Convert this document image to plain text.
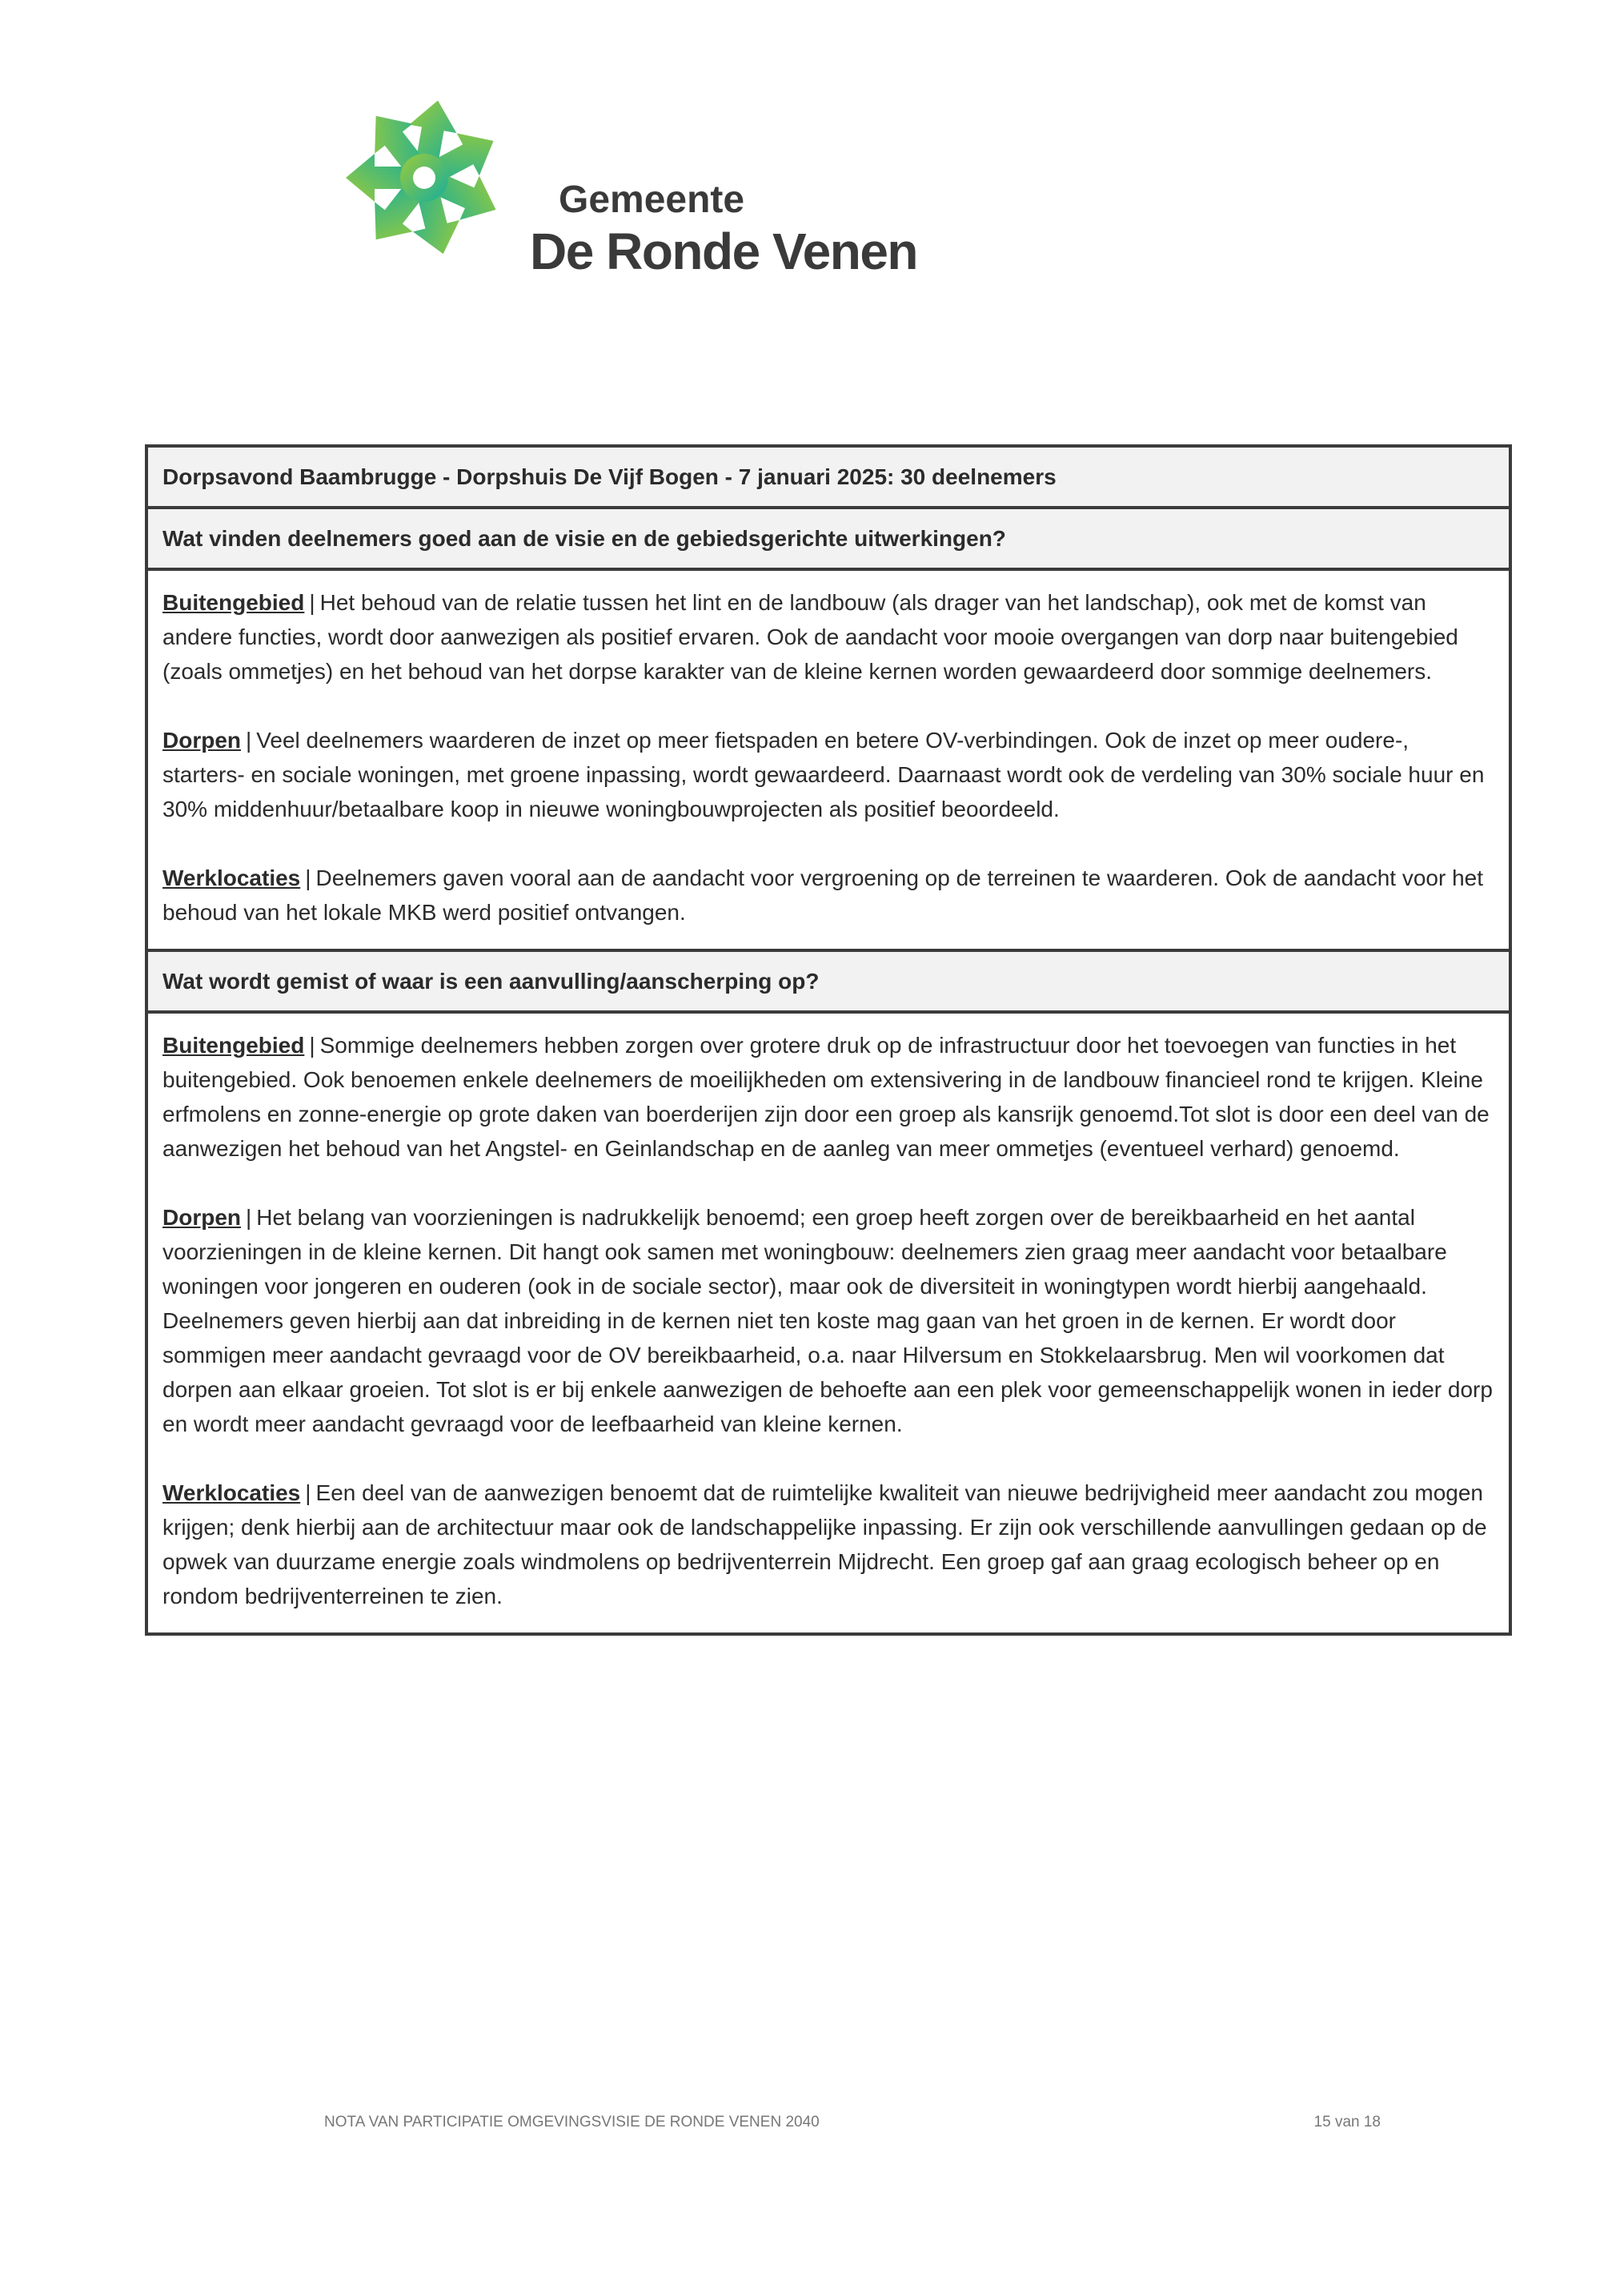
Gemeente
De Ronde Venen
Dorpsavond Baambrugge - Dorpshuis De Vijf Bogen - 7 januari 2025: 30 deelnemers
Wat vinden deelnemers goed aan de visie en de gebiedsgerichte uitwerkingen?

Buitengebied | Het behoud van de relatie tussen het lint en de landbouw (als drager van het landschap), ook met de komst van andere functies, wordt door aanwezigen als positief ervaren. Ook de aandacht voor mooie overgangen van dorp naar buitengebied (zoals ommetjes) en het behoud van het dorpse karakter van de kleine kernen worden gewaardeerd door sommige deelnemers.

Dorpen | Veel deelnemers waarderen de inzet op meer fietspaden en betere OV-verbindingen. Ook de inzet op meer oudere-, starters- en sociale woningen, met groene inpassing, wordt gewaardeerd. Daarnaast wordt ook de verdeling van 30% sociale huur en 30% middenhuur/betaalbare koop in nieuwe woningbouwprojecten als positief beoordeeld.

Werklocaties | Deelnemers gaven vooral aan de aandacht voor vergroening op de terreinen te waarderen. Ook de aandacht voor het behoud van het lokale MKB werd positief ontvangen.

Wat wordt gemist of waar is een aanvulling/aanscherping op?

Buitengebied | Sommige deelnemers hebben zorgen over grotere druk op de infrastructuur door het toevoegen van functies in het buitengebied. Ook benoemen enkele deelnemers de moeilijkheden om extensivering in de landbouw financieel rond te krijgen. Kleine erfmolens en zonne-energie op grote daken van boerderijen zijn door een groep als kansrijk genoemd.Tot slot is door een deel van de aanwezigen het behoud van het Angstel- en Geinlandschap en de aanleg van meer ommetjes (eventueel verhard) genoemd.

Dorpen | Het belang van voorzieningen is nadrukkelijk benoemd; een groep heeft zorgen over de bereikbaarheid en het aantal voorzieningen in de kleine kernen. Dit hangt ook samen met woningbouw: deelnemers zien graag meer aandacht voor betaalbare woningen voor jongeren en ouderen (ook in de sociale sector), maar ook de diversiteit in woningtypen wordt hierbij aangehaald. Deelnemers geven hierbij aan dat inbreiding in de kernen niet ten koste mag gaan van het groen in de kernen. Er wordt door sommigen meer aandacht gevraagd voor de OV bereikbaarheid, o.a. naar Hilversum en Stokkelaarsbrug. Men wil voorkomen dat dorpen aan elkaar groeien. Tot slot is er bij enkele aanwezigen de behoefte aan een plek voor gemeenschappelijk wonen in ieder dorp en wordt meer aandacht gevraagd voor de leefbaarheid van kleine kernen.

Werklocaties | Een deel van de aanwezigen benoemt dat de ruimtelijke kwaliteit van nieuwe bedrijvigheid meer aandacht zou mogen krijgen; denk hierbij aan de architectuur maar ook de landschappelijke inpassing. Er zijn ook verschillende aanvullingen gedaan op de opwek van duurzame energie zoals windmolens op bedrijventerrein Mijdrecht. Een groep gaf aan graag ecologisch beheer op en rondom bedrijventerreinen te zien.

NOTA VAN PARTICIPATIE OMGEVINGSVISIE DE RONDE VENEN 2040	15 van 18
